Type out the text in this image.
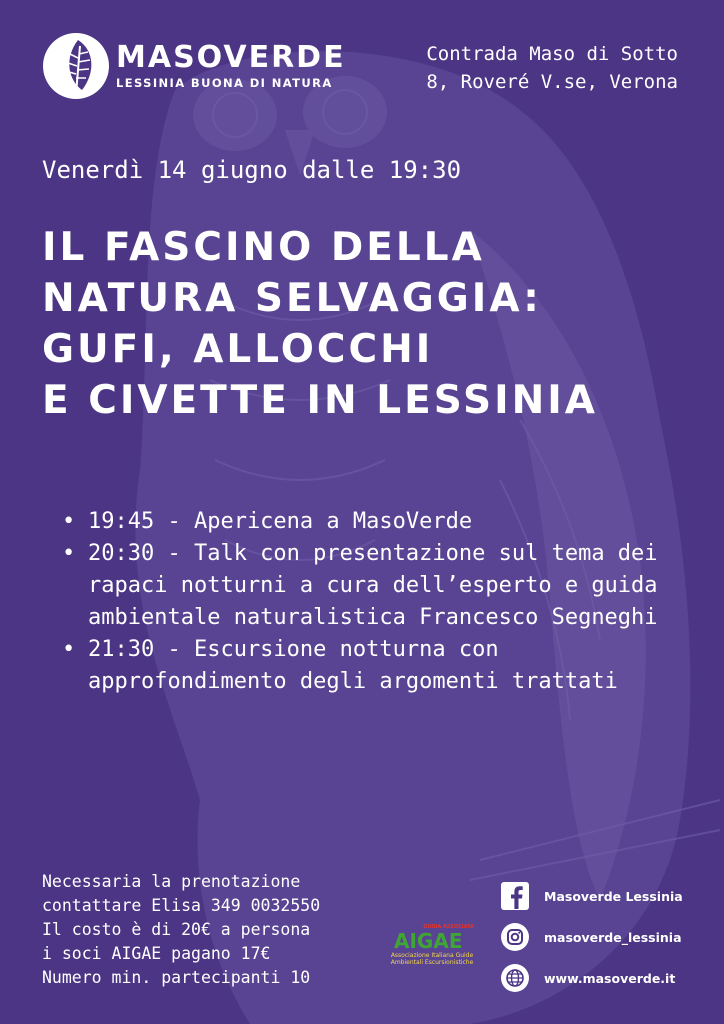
MASOVERDE
LESSINIA BUONA DI NATURA
Contrada Maso di Sotto
8, Roveré V.se, Verona
Venerdì 14 giugno dalle 19:30
IL FASCINO DELLA
NATURA SELVAGGIA:
GUFI, ALLOCCHI
E CIVETTE IN LESSINIA
• 19:45 - Apericena a MasoVerde
• 20:30 - Talk con presentazione sul tema dei rapaci notturni a cura dell’esperto e guida ambientale naturalistica Francesco Segneghi
• 21:30 - Escursione notturna con approfondimento degli argomenti trattati
Necessaria la prenotazione
contattare Elisa 349 0032550
Il costo è di 20€ a persona
i soci AIGAE pagano 17€
Numero min. partecipanti 10
GUIDA ASSOCIATA
AIGAE
Associazione Italiana Guide
Ambientali Escursionistiche
Masoverde Lessinia
masoverde_lessinia
www.masoverde.it
